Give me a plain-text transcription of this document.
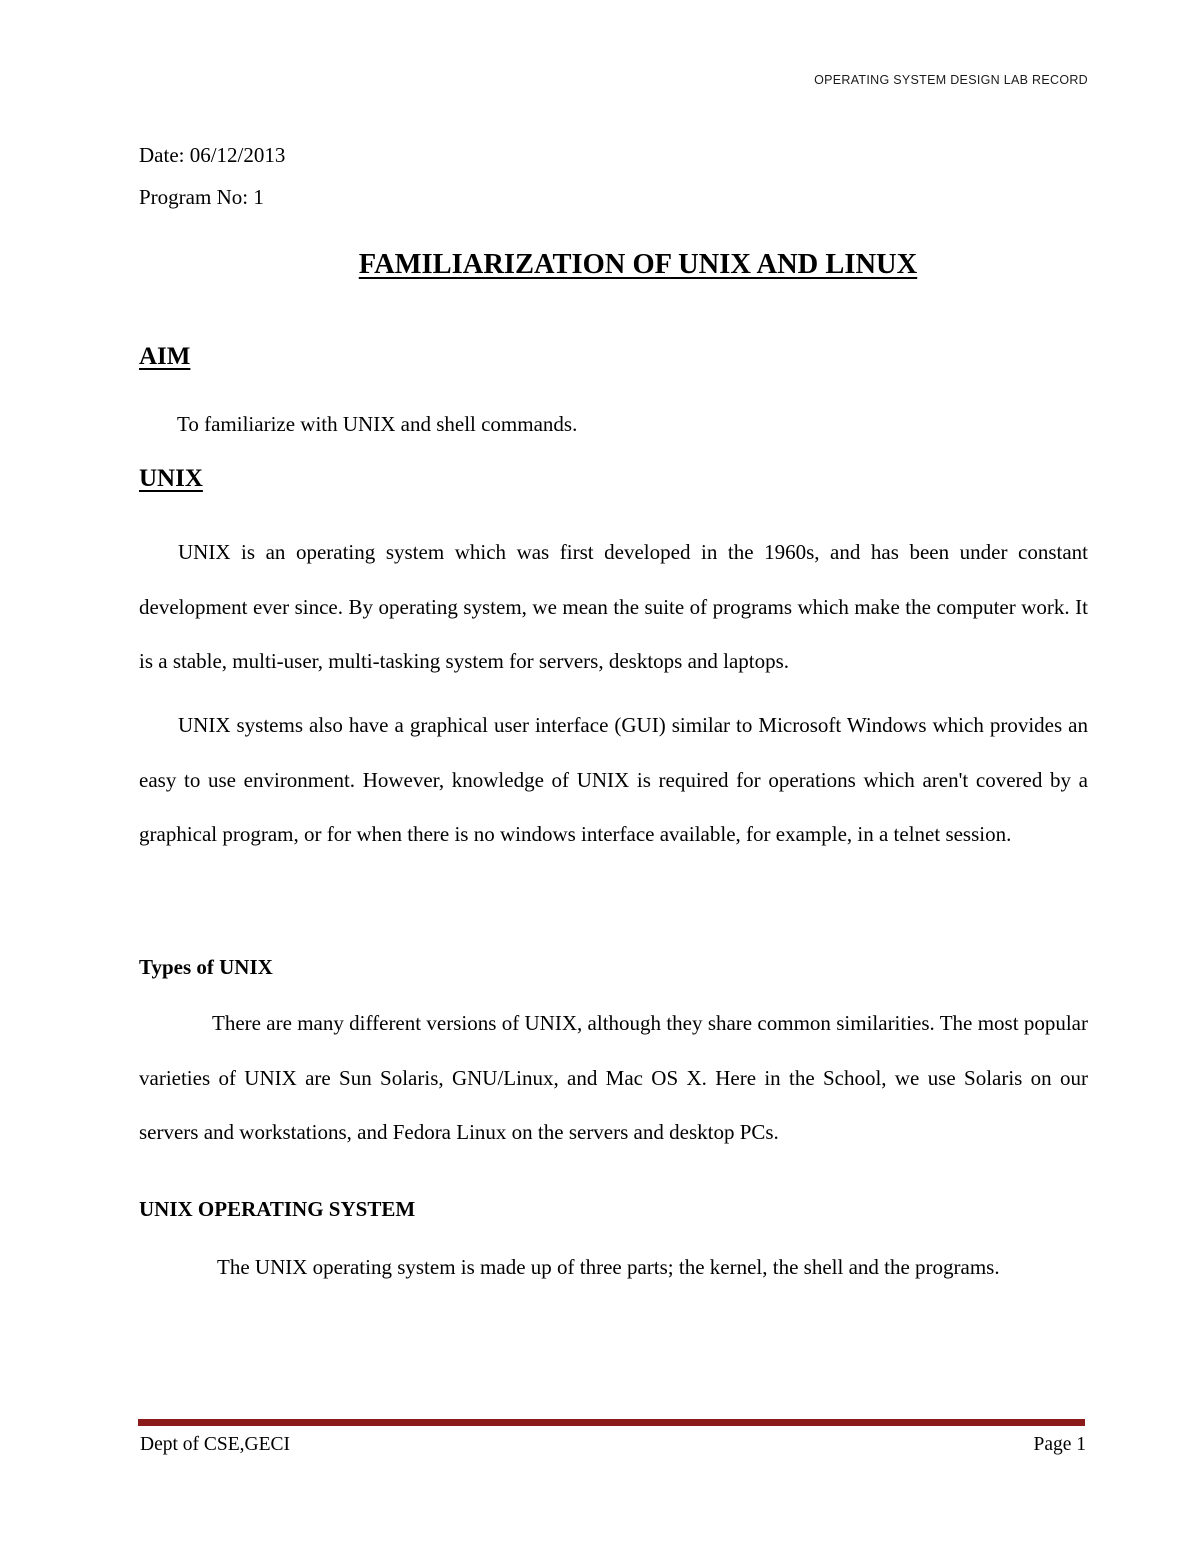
OPERATING SYSTEM DESIGN LAB RECORD
Date: 06/12/2013
Program No: 1
FAMILIARIZATION OF UNIX AND LINUX
AIM
To familiarize with UNIX and shell commands.
UNIX
UNIX is an operating system which was first developed in the 1960s, and has been under constant development ever since. By operating system, we mean the suite of programs which make the computer work. It is a stable, multi-user, multi-tasking system for servers, desktops and laptops.
UNIX systems also have a graphical user interface (GUI) similar to Microsoft Windows which provides an easy to use environment. However, knowledge of UNIX is required for operations which aren't covered by a graphical program, or for when there is no windows interface available, for example, in a telnet session.
Types of UNIX
There are many different versions of UNIX, although they share common similarities. The most popular varieties of UNIX are Sun Solaris, GNU/Linux, and Mac OS X. Here in the School, we use Solaris on our servers and workstations, and Fedora Linux on the servers and desktop PCs.
UNIX OPERATING SYSTEM
The UNIX operating system is made up of three parts; the kernel, the shell and the programs.
Dept of CSE,GECI	Page 1
